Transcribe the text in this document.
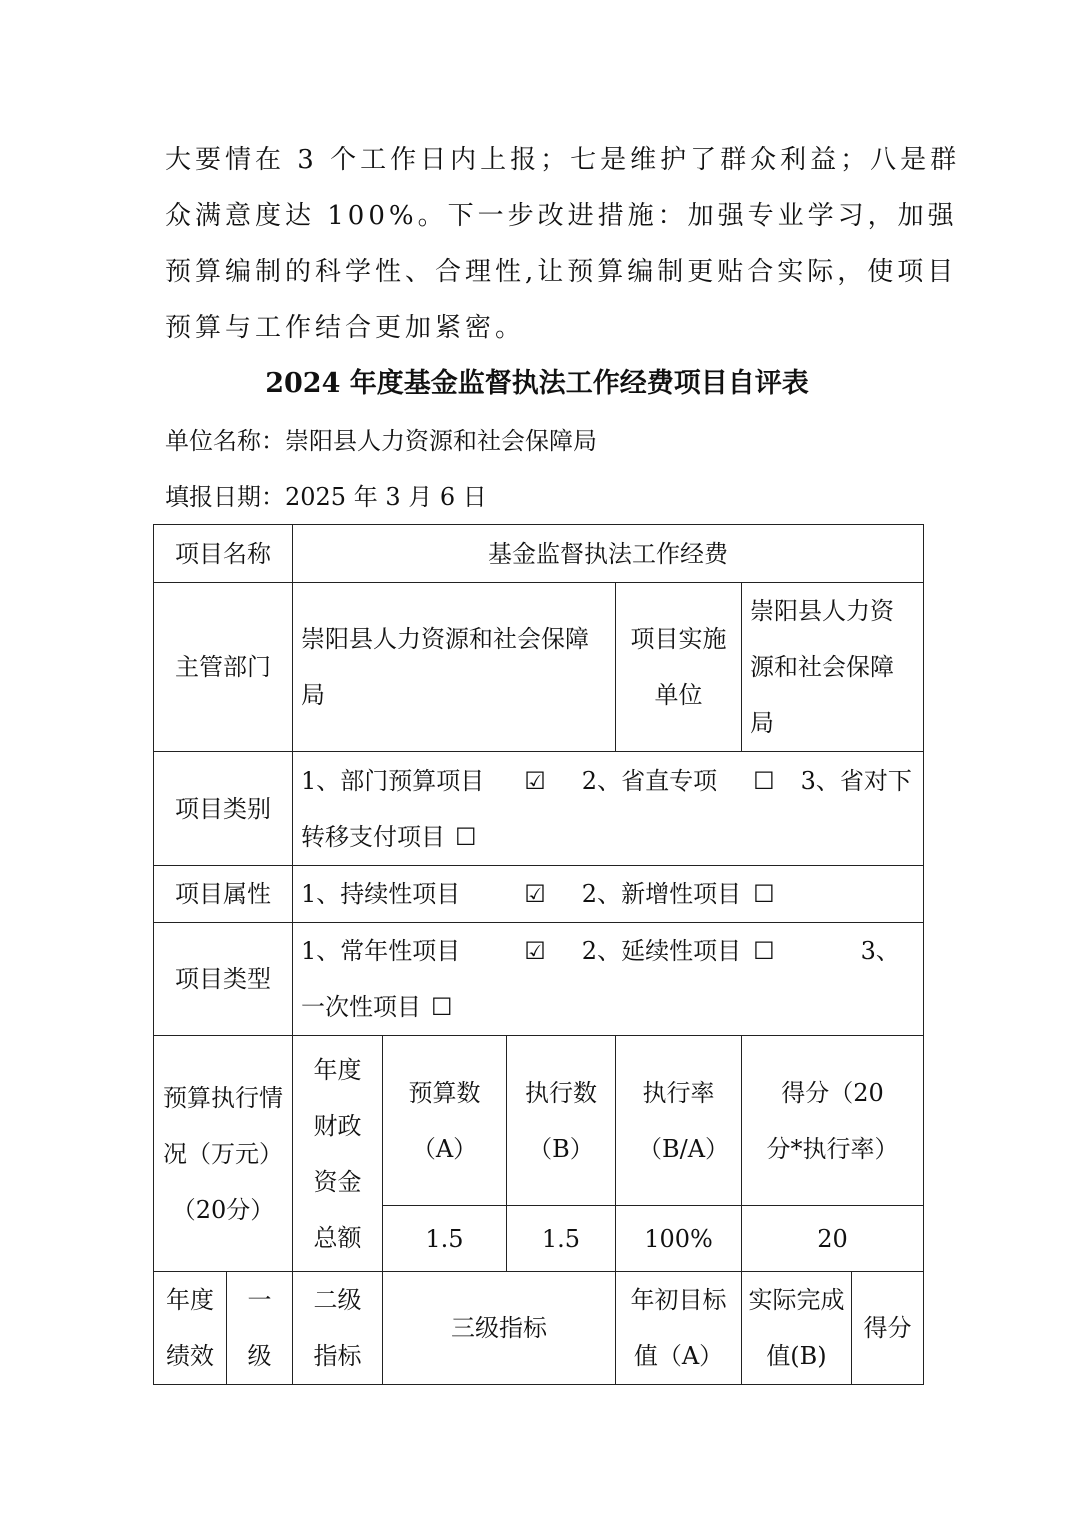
大要情在 3 个工作日内上报；七是维护了群众利益；八是群
众满意度达 100%。下一步改进措施：加强专业学习，加强
预算编制的科学性、合理性,让预算编制更贴合实际，使项目
预算与工作结合更加紧密。
2024 年度基金监督执法工作经费项目自评表
单位名称：崇阳县人力资源和社会保障局
填报日期：2025 年 3 月 6 日
项目名称		基金监督执法工作经费					
主管部门		崇阳县人力资源和社会保障局			项目实施单位	崇阳县人力资源和社会保障局	
项目类别		1、部门预算项目 ☑ 2、省直专项 ☐ 3、省对下转移支付项目 ☐					
项目属性		1、持续性项目 ☑ 2、新增性项目 ☐					
项目类型		1、常年性项目 ☑ 2、延续性项目 ☐ 3、一次性项目 ☐					
预算执行情况（万元）（20分）		年度财政资金总额	预算数（A）	执行数（B）	执行率（B/A）	得分（20 分*执行率）	
			1.5	1.5	100%	20	
年度绩效	一级	二级指标	三级指标		年初目标值（A）	实际完成值(B)	得分
